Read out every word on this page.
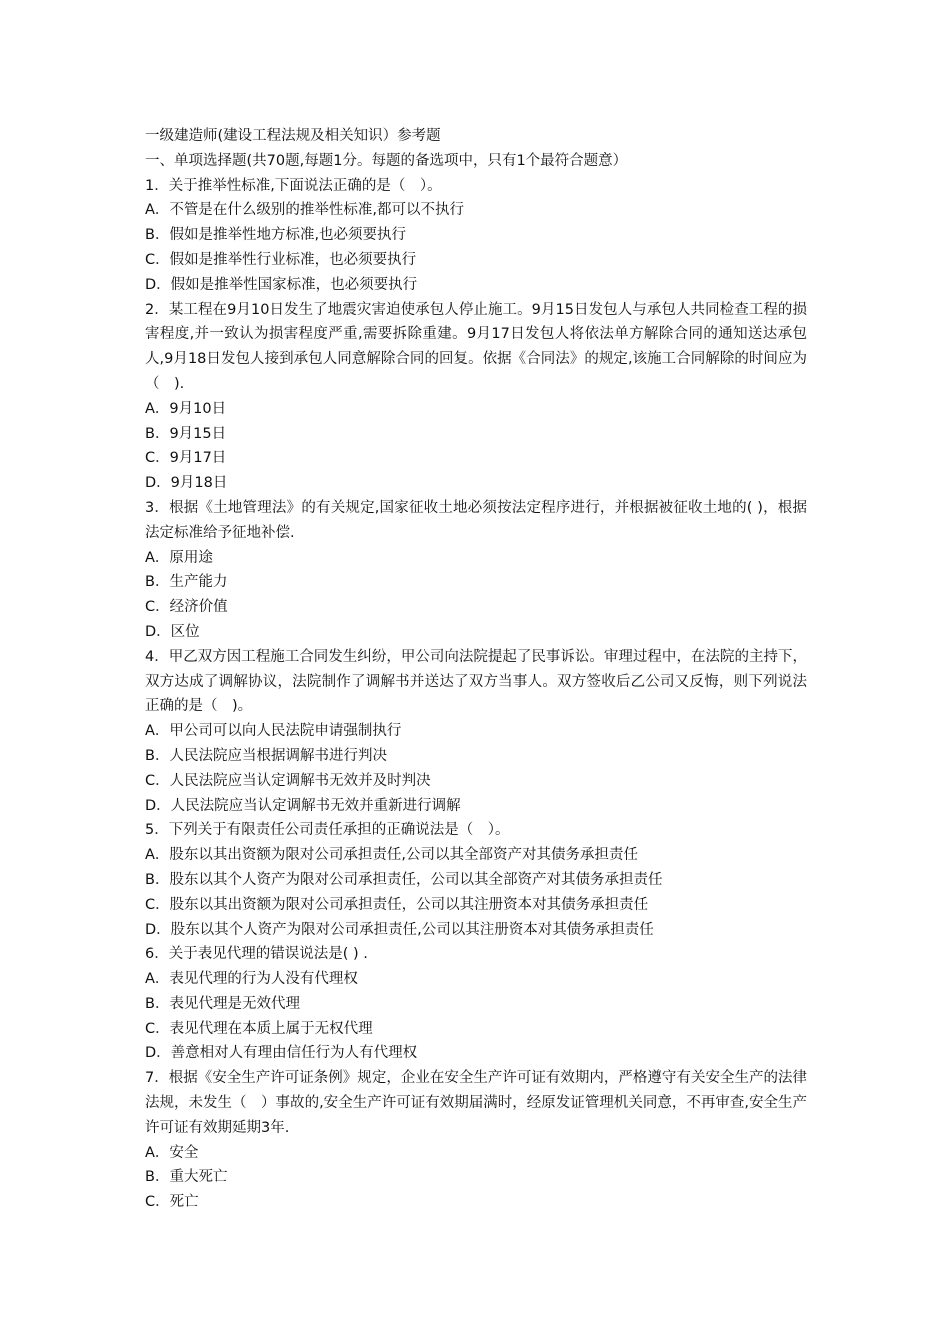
一级建造师(建设工程法规及相关知识）参考题
一、单项选择题(共70题,每题1分。每题的备选项中，只有1个最符合题意）
1．关于推举性标准,下面说法正确的是（　）。
A．不管是在什么级别的推举性标准,都可以不执行
B．假如是推举性地方标准,也必须要执行
C．假如是推举性行业标准，也必须要执行
D．假如是推举性国家标准，也必须要执行
2．某工程在9月10日发生了地震灾害迫使承包人停止施工。9月15日发包人与承包人共同检查工程的损害程度,并一致认为损害程度严重,需要拆除重建。9月17日发包人将依法单方解除合同的通知送达承包人,9月18日发包人接到承包人同意解除合同的回复。依据《合同法》的规定,该施工合同解除的时间应为（　).
A．9月10日
B．9月15日
C．9月17日
D．9月18日
3．根据《土地管理法》的有关规定,国家征收土地必须按法定程序进行，并根据被征收土地的( )，根据法定标准给予征地补偿.
A．原用途
B．生产能力
C．经济价值
D．区位
4．甲乙双方因工程施工合同发生纠纷，甲公司向法院提起了民事诉讼。审理过程中，在法院的主持下，双方达成了调解协议，法院制作了调解书并送达了双方当事人。双方签收后乙公司又反悔，则下列说法正确的是（　)。
A．甲公司可以向人民法院申请强制执行
B．人民法院应当根据调解书进行判决
C．人民法院应当认定调解书无效并及时判决
D．人民法院应当认定调解书无效并重新进行调解
5．下列关于有限责任公司责任承担的正确说法是（　）。
A．股东以其出资额为限对公司承担责任,公司以其全部资产对其债务承担责任
B．股东以其个人资产为限对公司承担责任，公司以其全部资产对其债务承担责任
C．股东以其出资额为限对公司承担责任，公司以其注册资本对其债务承担责任
D．股东以其个人资产为限对公司承担责任,公司以其注册资本对其债务承担责任
6．关于表见代理的错误说法是( ) .
A．表见代理的行为人没有代理权
B．表见代理是无效代理
C．表见代理在本质上属于无权代理
D．善意相对人有理由信任行为人有代理权
7．根据《安全生产许可证条例》规定，企业在安全生产许可证有效期内，严格遵守有关安全生产的法律法规，未发生（　）事故的,安全生产许可证有效期届满时，经原发证管理机关同意，不再审查,安全生产许可证有效期延期3年.
A．安全
B．重大死亡
C．死亡
